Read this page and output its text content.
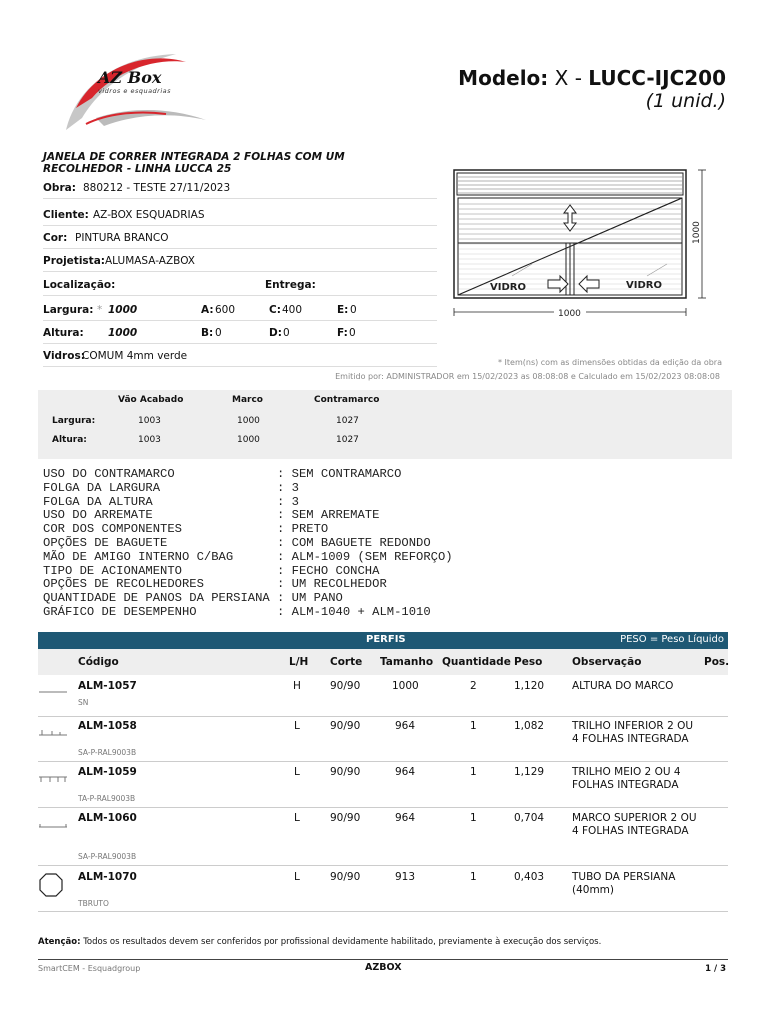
AZ Box
vidros e esquadrias
Modelo: X - LUCC-IJC200
(1 unid.)
JANELA DE CORRER INTEGRADA 2 FOLHAS COM UM RECOLHEDOR - LINHA LUCCA 25
Obra: 880212 - TESTE 27/11/2023
Cliente: AZ-BOX ESQUADRIAS
Cor: PINTURA BRANCO
Projetista: ALUMASA-AZBOX
Localização:	Entrega:
Largura: * 1000	A: 600	C: 400	E: 0
Altura: 1000	B: 0	D: 0	F: 0
Vidros:
COMUM 4mm verde
VIDRO	VIDRO
1000
1000
* Item(ns) com as dimensões obtidas da edição da obra
Emitido por: ADMINISTRADOR em 15/02/2023 as 08:08:08 e Calculado em 15/02/2023 08:08:08
Vão Acabado	Marco	Contramarco
Largura:	1003	1000	1027
Altura:	1003	1000	1027
USO DO CONTRAMARCO              : SEM CONTRAMARCO
FOLGA DA LARGURA                : 3
FOLGA DA ALTURA                 : 3
USO DO ARREMATE                 : SEM ARREMATE
COR DOS COMPONENTES             : PRETO
OPÇÕES DE BAGUETE               : COM BAGUETE REDONDO
MÃO DE AMIGO INTERNO C/BAG      : ALM-1009 (SEM REFORÇO)
TIPO DE ACIONAMENTO             : FECHO CONCHA
OPÇÕES DE RECOLHEDORES          : UM RECOLHEDOR
QUANTIDADE DE PANOS DA PERSIANA : UM PANO
GRÁFICO DE DESEMPENHO           : ALM-1040 + ALM-1010
PERFIS	PESO = Peso Líquido
Código	L/H Corte Tamanho Quantidade Peso	Observação	Pos.
ALM-1057
SN
H	90/90	1000	2	1,120	ALTURA DO MARCO
ALM-1058
SA-P-RAL9003B
L	90/90	964	1	1,082	TRILHO INFERIOR 2 OU 4 FOLHAS INTEGRADA
ALM-1059
TA-P-RAL9003B
L	90/90	964	1	1,129	TRILHO MEIO 2 OU 4 FOLHAS INTEGRADA
ALM-1060
SA-P-RAL9003B
L	90/90	964	1	0,704	MARCO SUPERIOR 2 OU 4 FOLHAS INTEGRADA
ALM-1070
TBRUTO
L	90/90	913	1	0,403	TUBO DA PERSIANA (40mm)
Atenção: Todos os resultados devem ser conferidos por profissional devidamente habilitado, previamente à execução dos serviços.
SmartCEM - Esquadgroup	AZBOX	1 / 3
